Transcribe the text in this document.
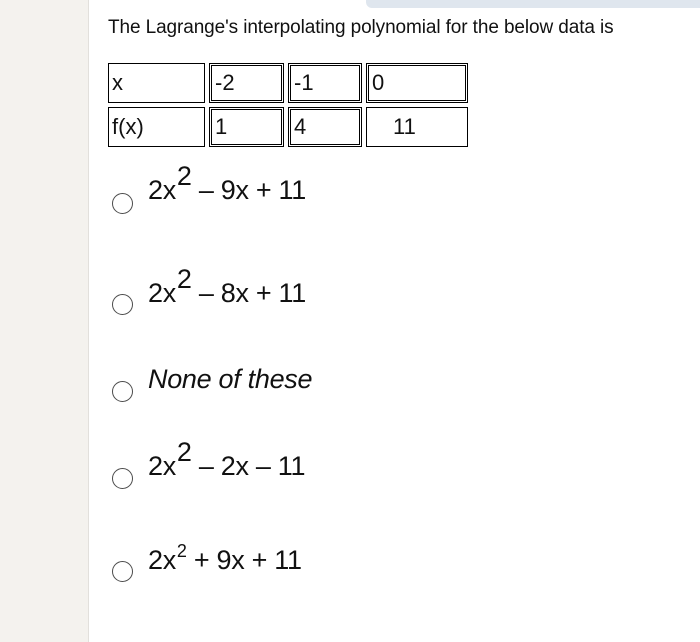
The Lagrange's interpolating polynomial for the below data is
x	-2	-1	0
f(x)	1	4	11
2x2 – 9x + 11
2x2 – 8x + 11
None of these
2x2 – 2x – 11
$2x^2 + 9x + 11$
